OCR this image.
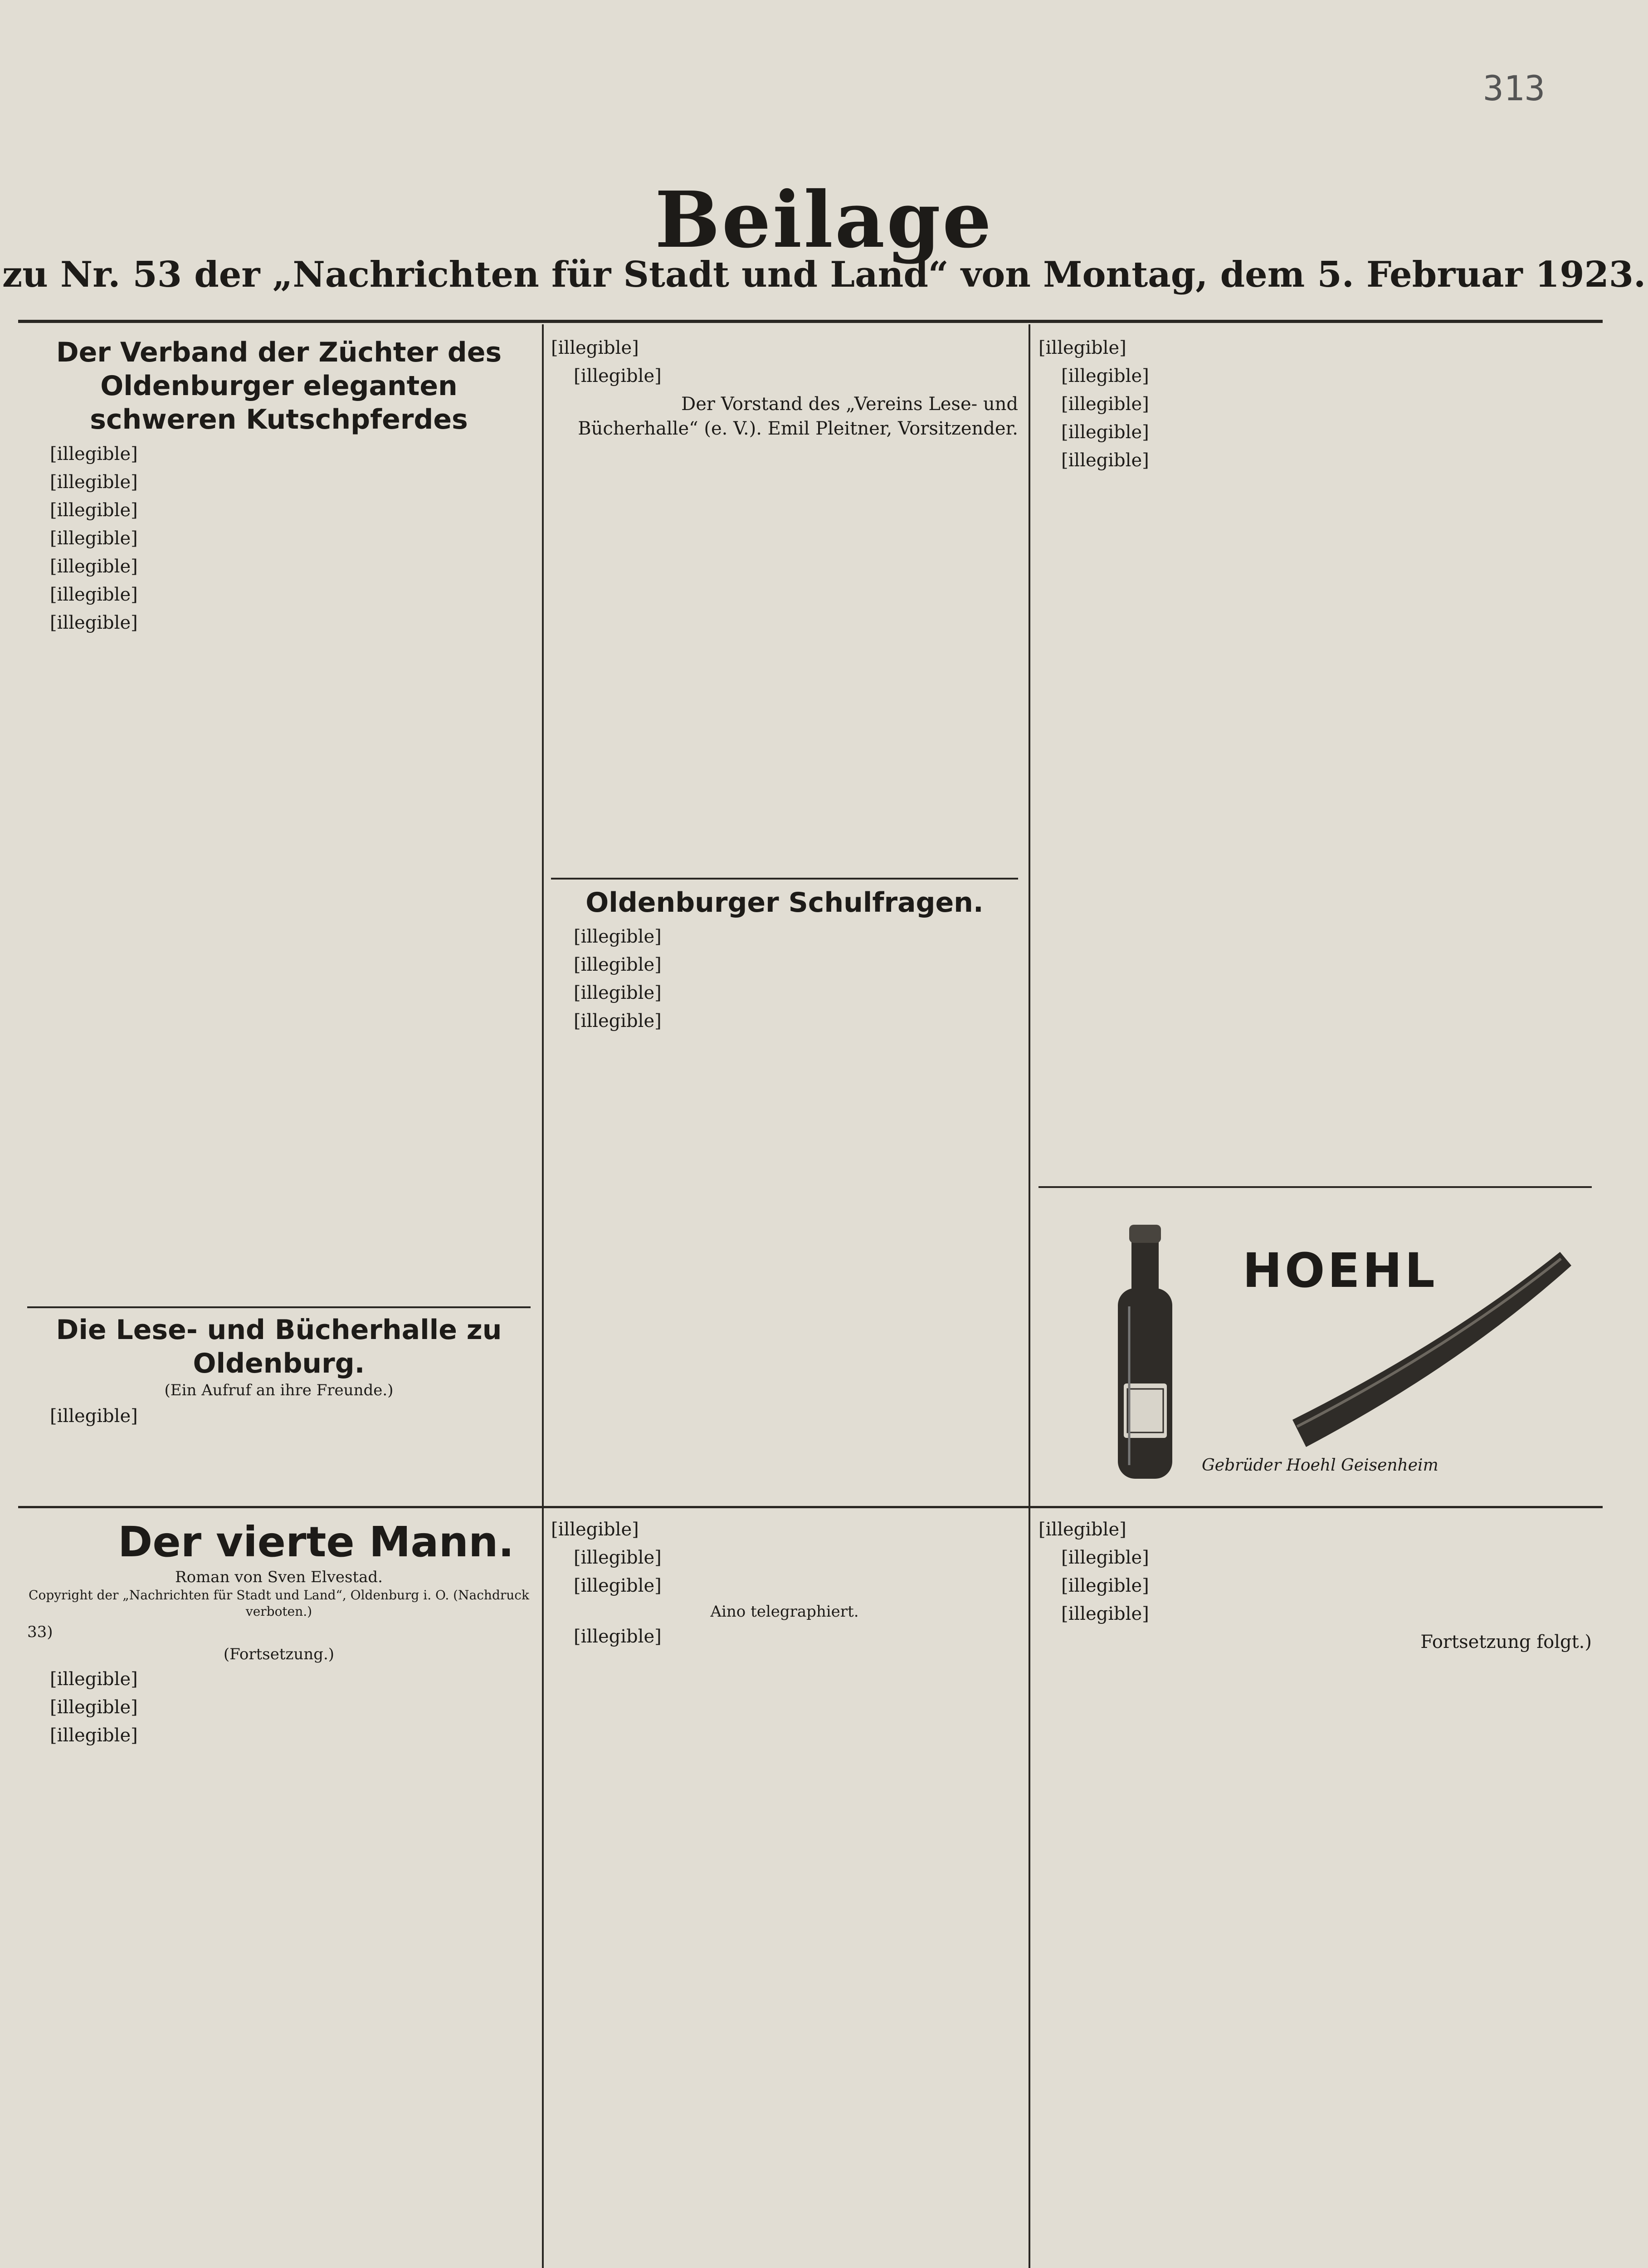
313
Beilage
zu Nr. 53 der „Nachrichten für Stadt und Land“ von Montag, dem 5. Februar 1923.
Der Verband der Züchter des Oldenburger eleganten schweren Kutschpferdes
[illegible]
[illegible]
[illegible]
[illegible]
[illegible]
[illegible]
[illegible]
Die Lese- und Bücherhalle zu Oldenburg.
(Ein Aufruf an ihre Freunde.)
[illegible]
[illegible]
[illegible]
Der Vorstand des „Vereins Lese- und Bücherhalle“ (e. V.). Emil Pleitner, Vorsitzender.
Oldenburger Schulfragen.
[illegible]
[illegible]
[illegible]
[illegible]
[illegible]
[illegible]
[illegible]
[illegible]
[illegible]
HOEHL
Gebrüder Hoehl Geisenheim
Der vierte Mann.
Roman von Sven Elvestad.
Copyright der „Nachrichten für Stadt und Land“, Oldenburg i. O. (Nachdruck verboten.)
33)
(Fortsetzung.)
[illegible]
[illegible]
[illegible]
[illegible]
[illegible]
[illegible]
Aino telegraphiert.
[illegible]
[illegible]
[illegible]
[illegible]
[illegible]
Fortsetzung folgt.)
